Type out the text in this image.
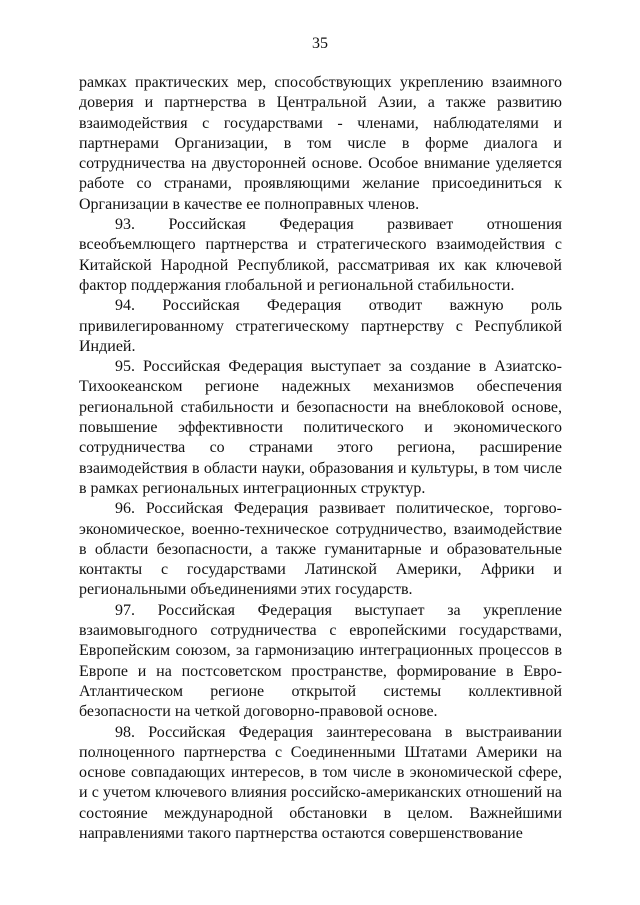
35

рамках практических мер, способствующих укреплению взаимного доверия и партнерства в Центральной Азии, а также развитию взаимодействия с государствами - членами, наблюдателями и партнерами Организации, в том числе в форме диалога и сотрудничества на двусторонней основе. Особое внимание уделяется работе со странами, проявляющими желание присоединиться к Организации в качестве ее полноправных членов.

93. Российская Федерация развивает отношения всеобъемлющего партнерства и стратегического взаимодействия с Китайской Народной Республикой, рассматривая их как ключевой фактор поддержания глобальной и региональной стабильности.

94. Российская Федерация отводит важную роль привилегированному стратегическому партнерству с Республикой Индией.

95. Российская Федерация выступает за создание в Азиатско-Тихоокеанском регионе надежных механизмов обеспечения региональной стабильности и безопасности на внеблоковой основе, повышение эффективности политического и экономического сотрудничества со странами этого региона, расширение взаимодействия в области науки, образования и культуры, в том числе в рамках региональных интеграционных структур.

96. Российская Федерация развивает политическое, торгово-экономическое, военно-техническое сотрудничество, взаимодействие в области безопасности, а также гуманитарные и образовательные контакты с государствами Латинской Америки, Африки и региональными объединениями этих государств.

97. Российская Федерация выступает за укрепление взаимовыгодного сотрудничества с европейскими государствами, Европейским союзом, за гармонизацию интеграционных процессов в Европе и на постсоветском пространстве, формирование в Евро-Атлантическом регионе открытой системы коллективной безопасности на четкой договорно-правовой основе.

98. Российская Федерация заинтересована в выстраивании полноценного партнерства с Соединенными Штатами Америки на основе совпадающих интересов, в том числе в экономической сфере, и с учетом ключевого влияния российско-американских отношений на состояние международной обстановки в целом. Важнейшими направлениями такого партнерства остаются совершенствование
